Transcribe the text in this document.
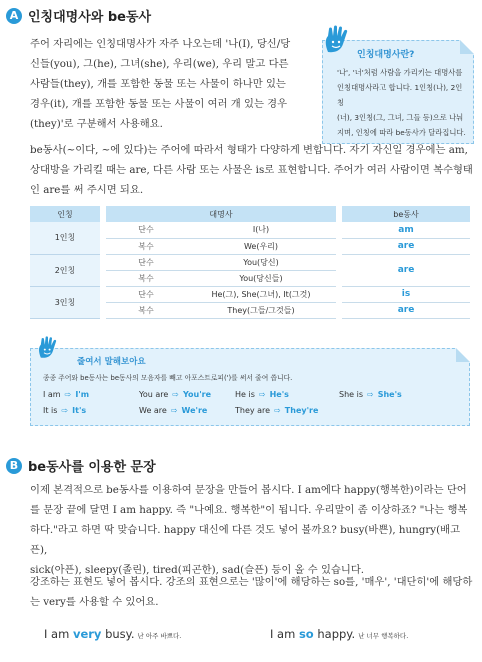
A 인칭대명사와 be동사
주어 자리에는 인칭대명사가 자주 나오는데 '나(I), 당신/당
신들(you), 그(he), 그녀(she), 우리(we), 우리 말고 다른
사람들(they), 개를 포함한 동물 또는 사물이 하나만 있는
경우(it), 개를 포함한 동물 또는 사물이 여러 개 있는 경우
(they)'로 구분해서 사용해요.
인칭대명사란?
'나', '너'처럼 사람을 가리키는 대명사를
인칭대명사라고 합니다. 1인칭(나), 2인칭
(너), 3인칭(그, 그녀, 그들 등)으로 나눠
지며, 인칭에 따라 be동사가 달라집니다.
be동사(~이다, ~에 있다)는 주어에 따라서 형태가 다양하게 변합니다. 자기 자신일 경우에는 am,
상대방을 가리킬 때는 are, 다른 사람 또는 사물은 is로 표현합니다. 주어가 여러 사람이면 복수형태
인 are를 써 주시면 되요.
인칭		대명사			be동사
1인칭		단수	I(나)		am
		복수	We(우리)		are
2인칭		단수	You(당신)		are
		복수	You(당신들)		
3인칭		단수	He(그), She(그녀), It(그것)		is
		복수	They(그들/그것들)		are
줄여서 말해보아요
종종 주어와 be동사는 be동사의 모음자를 빼고 아포스트로피(')를 써서 줄여 씁니다.
I am ⇨ I'm	You are ⇨ You're	He is ⇨ He's	She is ⇨ She's
It is ⇨ It's	We are ⇨ We're	They are ⇨ They're
B be동사를 이용한 문장
이제 본격적으로 be동사를 이용하여 문장을 만들어 봅시다. I am에다 happy(행복한)이라는 단어
를 문장 끝에 달면 I am happy. 즉 "나예요. 행복한"이 됩니다. 우리말이 좀 이상하죠? "나는 행복
하다."라고 하면 딱 맞습니다. happy 대신에 다른 것도 넣어 볼까요? busy(바쁜), hungry(배고픈),
sick(아픈), sleepy(졸린), tired(피곤한), sad(슬픈) 등이 올 수 있습니다.
강조하는 표현도 넣어 봅시다. 강조의 표현으로는 '많이'에 해당하는 so를, '매우', '대단히'에 해당하
는 very를 사용할 수 있어요.
I am very busy. 난 아주 바쁘다.	I am so happy. 난 너무 행복하다.
